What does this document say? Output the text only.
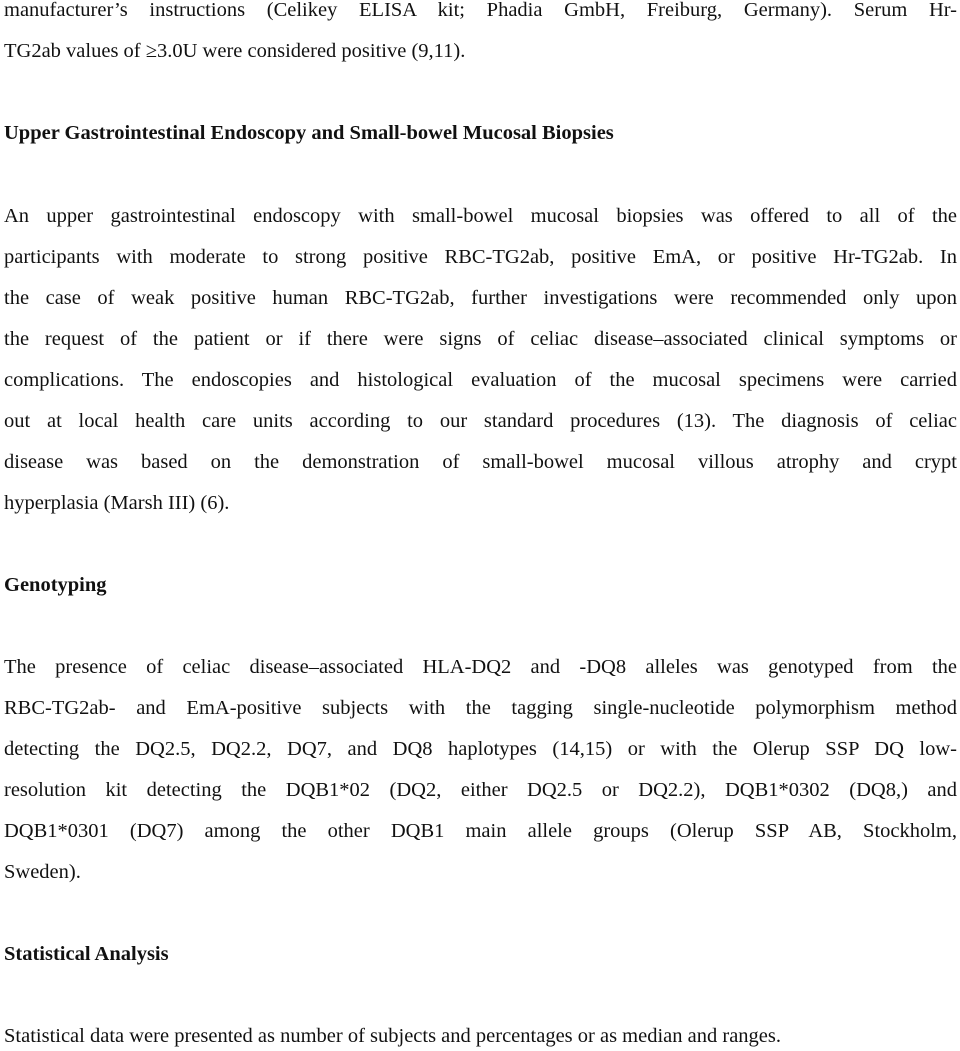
manufacturer’s instructions (Celikey ELISA kit; Phadia GmbH, Freiburg, Germany). Serum Hr-
TG2ab values of ≥3.0U were considered positive (9,11).
Upper Gastrointestinal Endoscopy and Small-bowel Mucosal Biopsies
An upper gastrointestinal endoscopy with small-bowel mucosal biopsies was offered to all of the
participants with moderate to strong positive RBC-TG2ab, positive EmA, or positive Hr-TG2ab. In
the case of weak positive human RBC-TG2ab, further investigations were recommended only upon
the request of the patient or if there were signs of celiac disease–associated clinical symptoms or
complications. The endoscopies and histological evaluation of the mucosal specimens were carried
out at local health care units according to our standard procedures (13). The diagnosis of celiac
disease was based on the demonstration of small-bowel mucosal villous atrophy and crypt
hyperplasia (Marsh III) (6).
Genotyping
The presence of celiac disease–associated HLA-DQ2 and -DQ8 alleles was genotyped from the
RBC-TG2ab- and EmA-positive subjects with the tagging single-nucleotide polymorphism method
detecting the DQ2.5, DQ2.2, DQ7, and DQ8 haplotypes (14,15) or with the Olerup SSP DQ low-
resolution kit detecting the DQB1*02 (DQ2, either DQ2.5 or DQ2.2), DQB1*0302 (DQ8,) and
DQB1*0301 (DQ7) among the other DQB1 main allele groups (Olerup SSP AB, Stockholm,
Sweden).
Statistical Analysis
Statistical data were presented as number of subjects and percentages or as median and ranges.
